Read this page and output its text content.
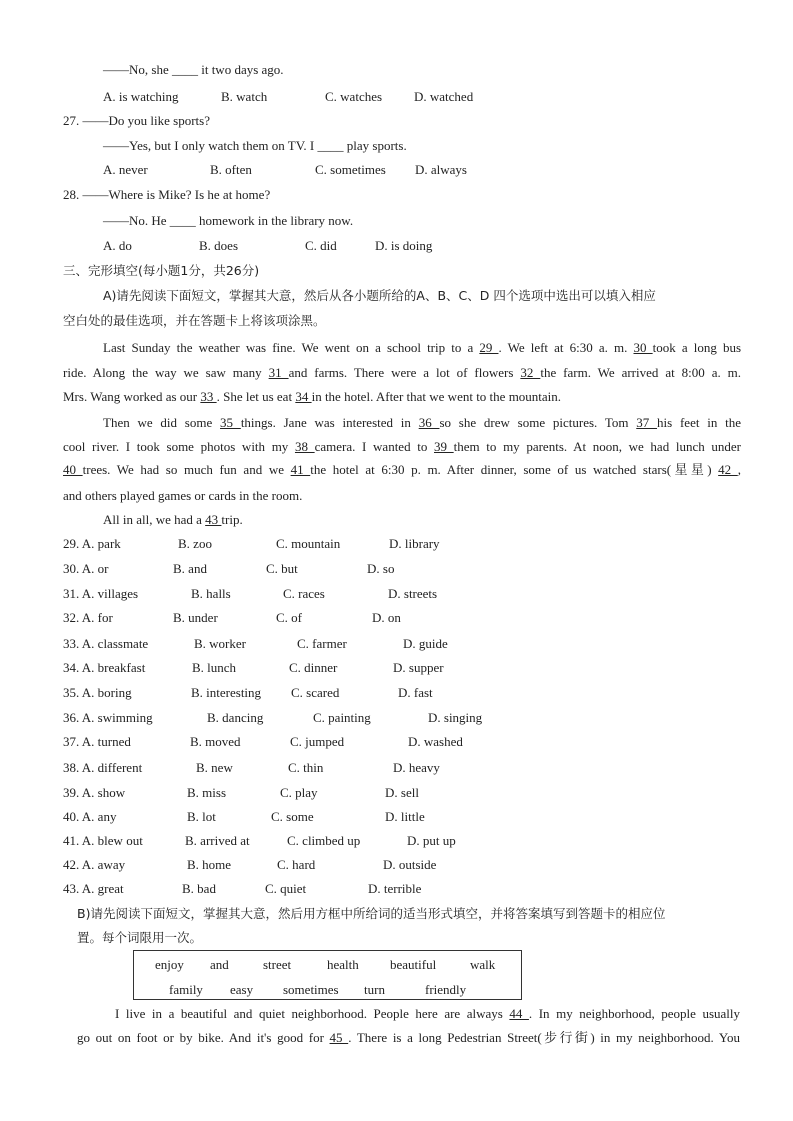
——No, she ____ it two days ago.
A. is watching	B. watch	C. watches D. watched
27. ——Do you like sports?
——Yes, but I only watch them on TV. I ____ play sports.
A. never	B. often	C. sometimes D. always
28. ——Where is Mike? Is he at home?
——No. He ____ homework in the library now.
A. do	B. does	C. did	D. is doing
三、完形填空(每小题1分，共26分)
A)请先阅读下面短文，掌握其大意，然后从各小题所给的A、B、C、D 四个选项中选出可以填入相应
空白处的最佳选项，并在答题卡上将该项涂黑。
Last Sunday the weather was fine. We went on a school trip to a 29 . We left at 6:30 a. m. 30 took a long bus
ride. Along the way we saw many 31 and farms. There were a lot of flowers 32 the farm. We arrived at 8:00 a. m.
Mrs. Wang worked as our 33 . She let us eat 34 in the hotel. After that we went to the mountain.
Then we did some 35 things. Jane was interested in 36 so she drew some pictures. Tom 37 his feet in the
cool river. I took some photos with my 38 camera. I wanted to 39 them to my parents. At noon, we had lunch under
40 trees. We had so much fun and we 41 the hotel at 6:30 p. m. After dinner, some of us watched stars(星星) 42 ,
and others played games or cards in the room.
All in all, we had a 43 trip.
29. A. park	B. zoo	C. mountain	D. library
30. A. or	B. and	C. but	D. so
31. A. villages	B. halls	C. races	D. streets
32. A. for	B. under	C. of	D. on
33. A. classmate	B. worker	C. farmer	D. guide
34. A. breakfast	B. lunch	C. dinner	D. supper
35. A. boring	B. interesting C. scared	D. fast
36. A. swimming	B. dancing	C. painting	D. singing
37. A. turned	B. moved	C. jumped	D. washed
38. A. different	B. new	C. thin	D. heavy
39. A. show	B. miss	C. play	D. sell
40. A. any	B. lot	C. some	D. little
41. A. blew out	B. arrived at	C. climbed up	D. put up
42. A. away	B. home	C. hard	D. outside
43. A. great	B. bad	C. quiet	D. terrible
B)请先阅读下面短文，掌握其大意，然后用方框中所给词的适当形式填空，并将答案填写到答题卡的相应位
置。每个词限用一次。
enjoy and	street	health beautiful	walk
family easy sometimes turn	friendly
I live in a beautiful and quiet neighborhood. People here are always 44 . In my neighborhood, people usually
go out on foot or by bike. And it's good for 45 . There is a long Pedestrian Street(步行街) in my neighborhood. You
